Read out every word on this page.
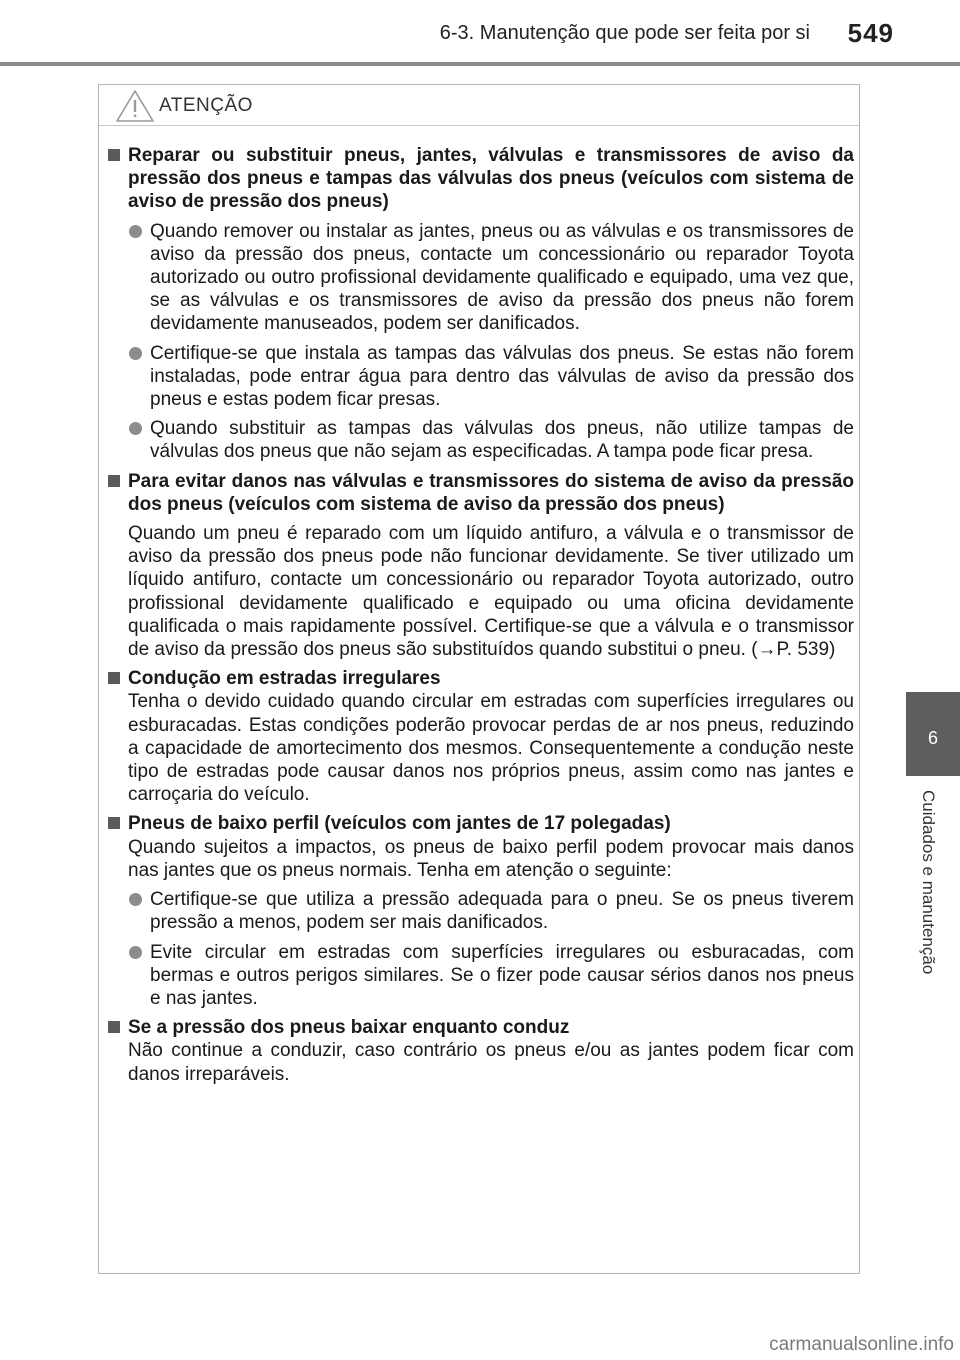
6-3. Manutenção que pode ser feita por si 549
6
Cuidados e manutenção
ATENÇÃO

Reparar ou substituir pneus, jantes, válvulas e transmissores de aviso da pressão dos pneus e tampas das válvulas dos pneus (veículos com sistema de aviso de pressão dos pneus)

Quando remover ou instalar as jantes, pneus ou as válvulas e os transmissores de aviso da pressão dos pneus, contacte um concessionário ou reparador Toyota autorizado ou outro profissional devidamente qualificado e equipado, uma vez que, se as válvulas e os transmissores de aviso da pressão dos pneus não forem devidamente manuseados, podem ser danificados.
Certifique-se que instala as tampas das válvulas dos pneus. Se estas não forem instaladas, pode entrar água para dentro das válvulas de aviso da pressão dos pneus e estas podem ficar presas.
Quando substituir as tampas das válvulas dos pneus, não utilize tampas de válvulas dos pneus que não sejam as especificadas. A tampa pode ficar presa.

Para evitar danos nas válvulas e transmissores do sistema de aviso da pressão dos pneus (veículos com sistema de aviso da pressão dos pneus)

Quando um pneu é reparado com um líquido antifuro, a válvula e o transmissor de aviso da pressão dos pneus pode não funcionar devidamente. Se tiver utilizado um líquido antifuro, contacte um concessionário ou reparador Toyota autorizado, outro profissional devidamente qualificado e equipado ou uma oficina devidamente qualificada o mais rapidamente possível. Certifique-se que a válvula e o transmissor de aviso da pressão dos pneus são substituídos quando substitui o pneu. (→P. 539)

Condução em estradas irregulares

Tenha o devido cuidado quando circular em estradas com superfícies irregulares ou esburacadas. Estas condições poderão provocar perdas de ar nos pneus, reduzindo a capacidade de amortecimento dos mesmos. Consequentemente a condução neste tipo de estradas pode causar danos nos próprios pneus, assim como nas jantes e carroçaria do veículo.

Pneus de baixo perfil (veículos com jantes de 17 polegadas)

Quando sujeitos a impactos, os pneus de baixo perfil podem provocar mais danos nas jantes que os pneus normais. Tenha em atenção o seguinte:

Certifique-se que utiliza a pressão adequada para o pneu. Se os pneus tiverem pressão a menos, podem ser mais danificados.
Evite circular em estradas com superfícies irregulares ou esburacadas, com bermas e outros perigos similares. Se o fizer pode causar sérios danos nos pneus e nas jantes.

Se a pressão dos pneus baixar enquanto conduz

Não continue a conduzir, caso contrário os pneus e/ou as jantes podem ficar com danos irreparáveis.

carmanualsonline.info
